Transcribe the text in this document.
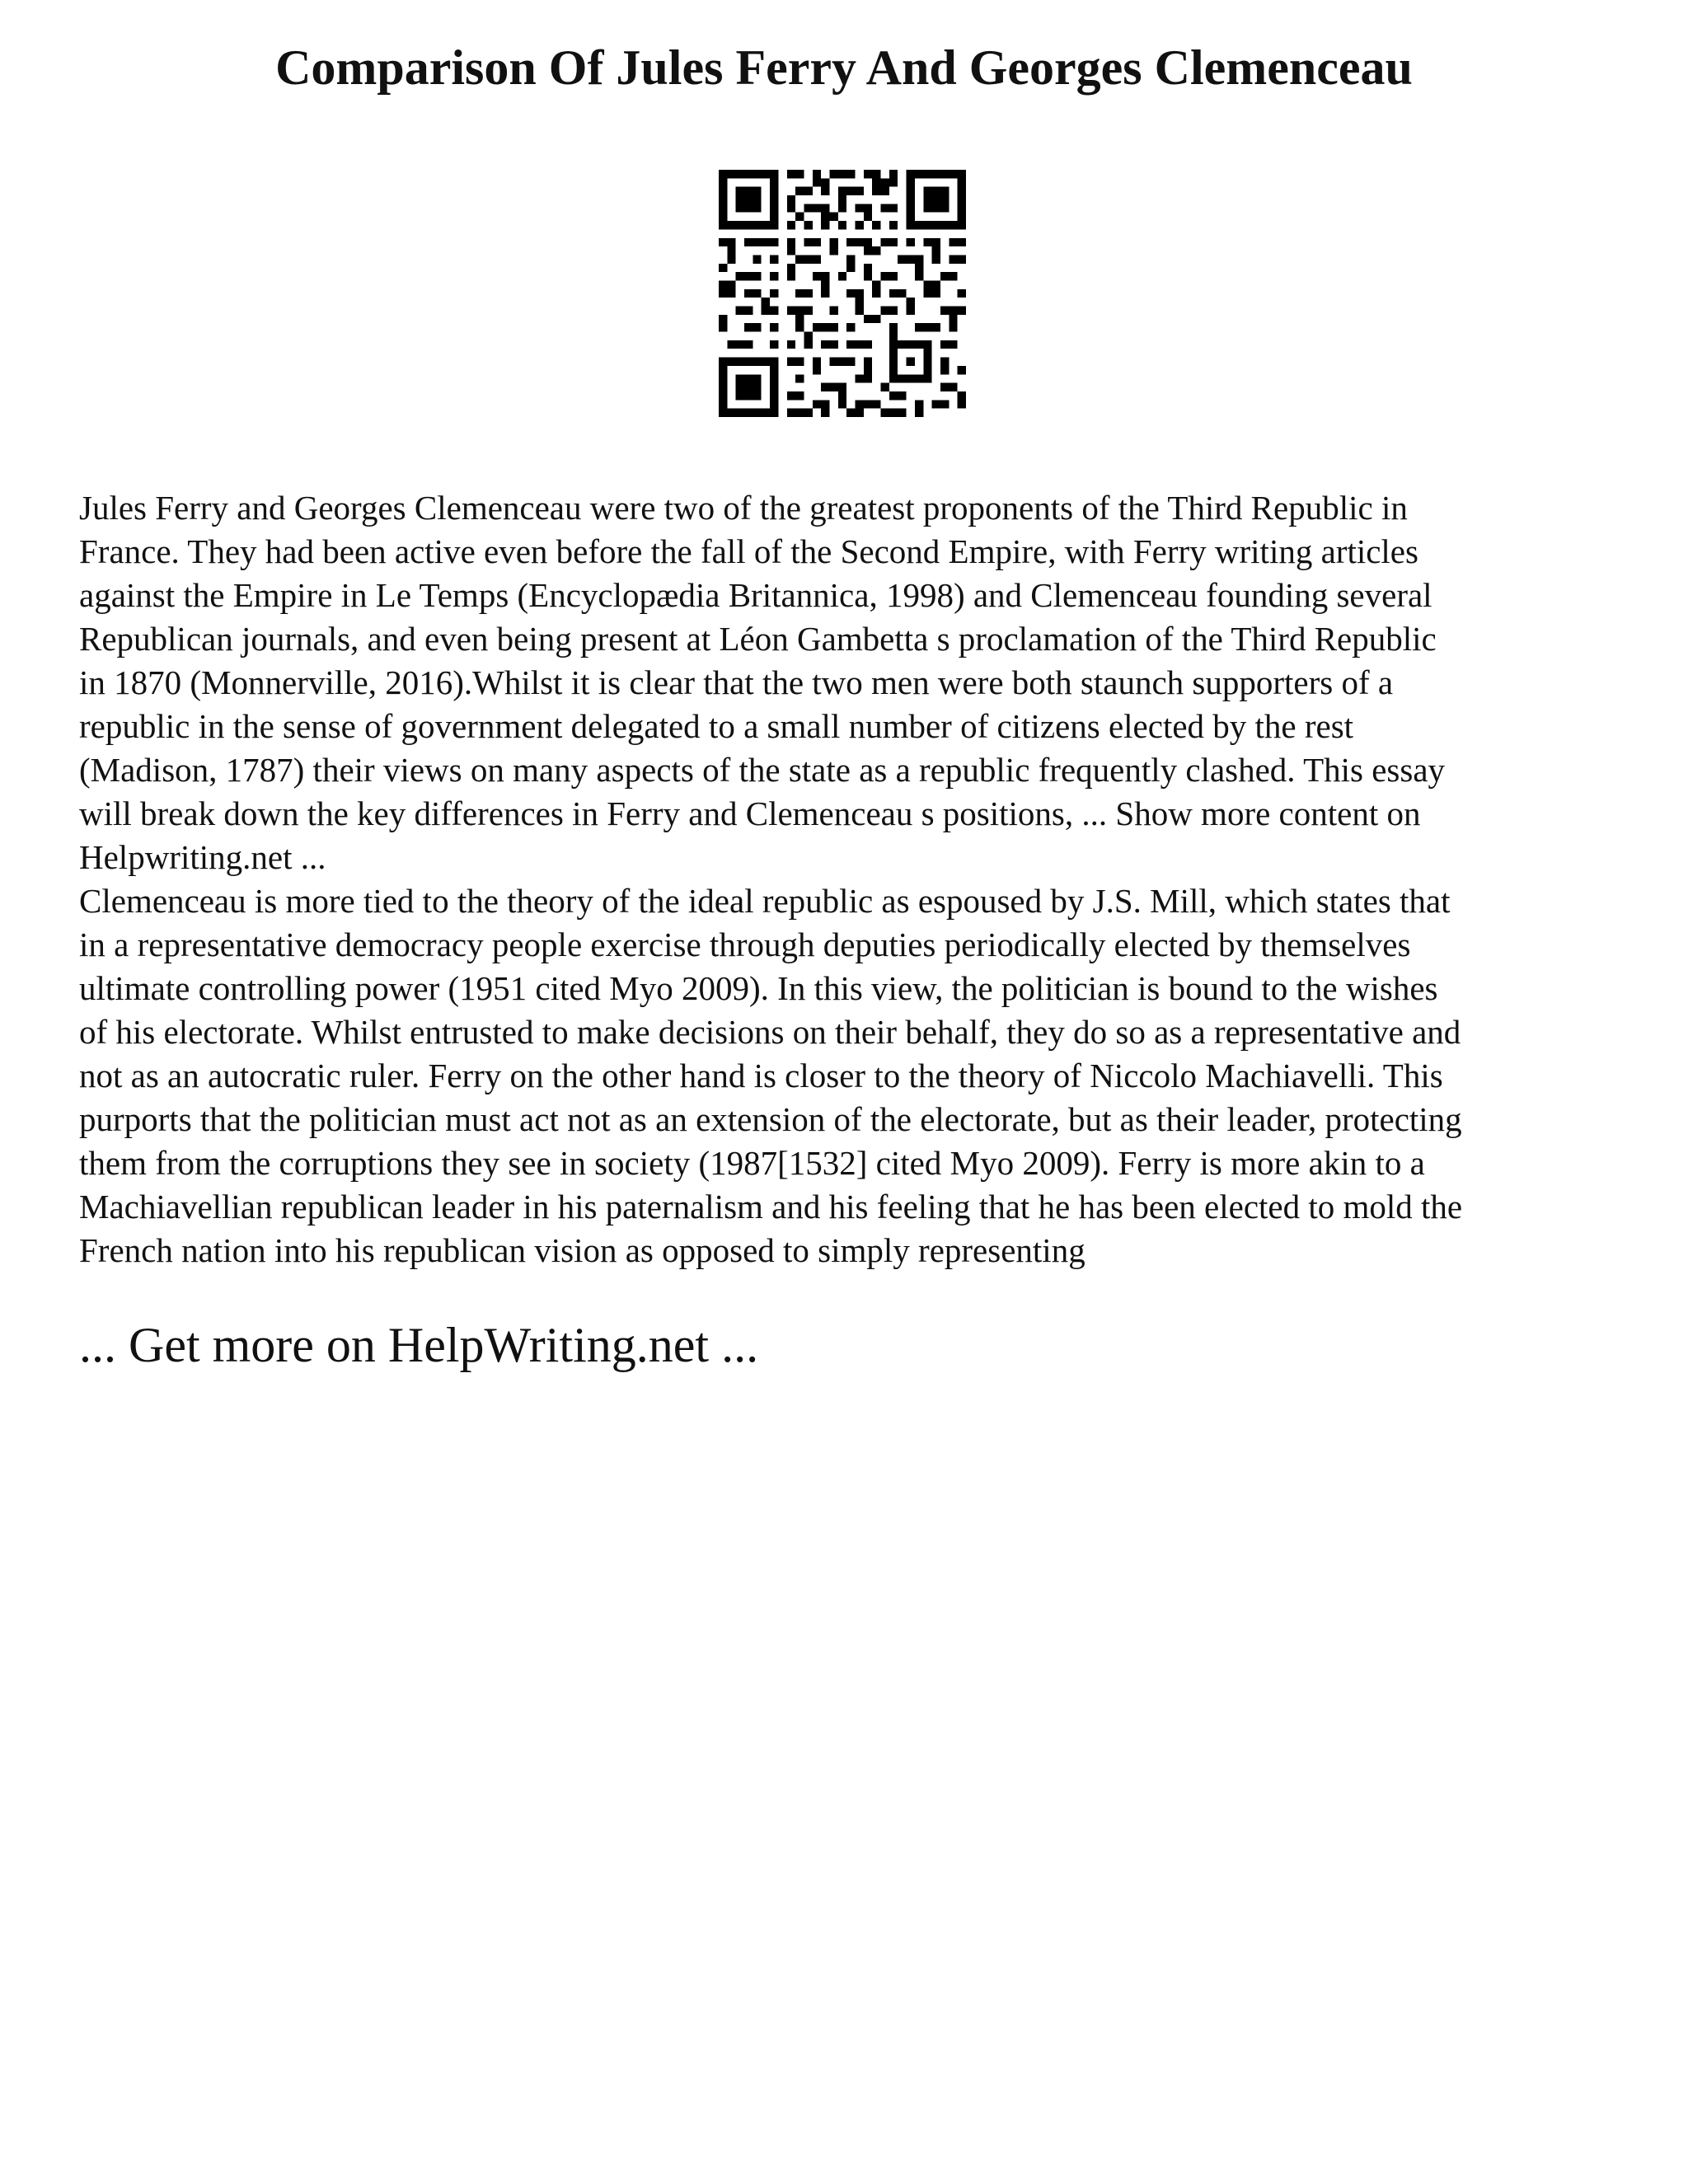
Comparison Of Jules Ferry And Georges Clemenceau

Jules Ferry and Georges Clemenceau were two of the greatest proponents of the Third Republic in

France. They had been active even before the fall of the Second Empire, with Ferry writing articles

against the Empire in Le Temps (Encyclopædia Britannica, 1998) and Clemenceau founding several

Republican journals, and even being present at Léon Gambetta s proclamation of the Third Republic

in 1870 (Monnerville, 2016).Whilst it is clear that the two men were both staunch supporters of a

republic in the sense of government delegated to a small number of citizens elected by the rest

(Madison, 1787) their views on many aspects of the state as a republic frequently clashed. This essay

will break down the key differences in Ferry and Clemenceau s positions, ... Show more content on

Helpwriting.net ...

Clemenceau is more tied to the theory of the ideal republic as espoused by J.S. Mill, which states that

in a representative democracy people exercise through deputies periodically elected by themselves

ultimate controlling power (1951 cited Myo 2009). In this view, the politician is bound to the wishes

of his electorate. Whilst entrusted to make decisions on their behalf, they do so as a representative and

not as an autocratic ruler. Ferry on the other hand is closer to the theory of Niccolo Machiavelli. This

purports that the politician must act not as an extension of the electorate, but as their leader, protecting

them from the corruptions they see in society (1987[1532] cited Myo 2009). Ferry is more akin to a

Machiavellian republican leader in his paternalism and his feeling that he has been elected to mold the

French nation into his republican vision as opposed to simply representing

... Get more on HelpWriting.net ...
